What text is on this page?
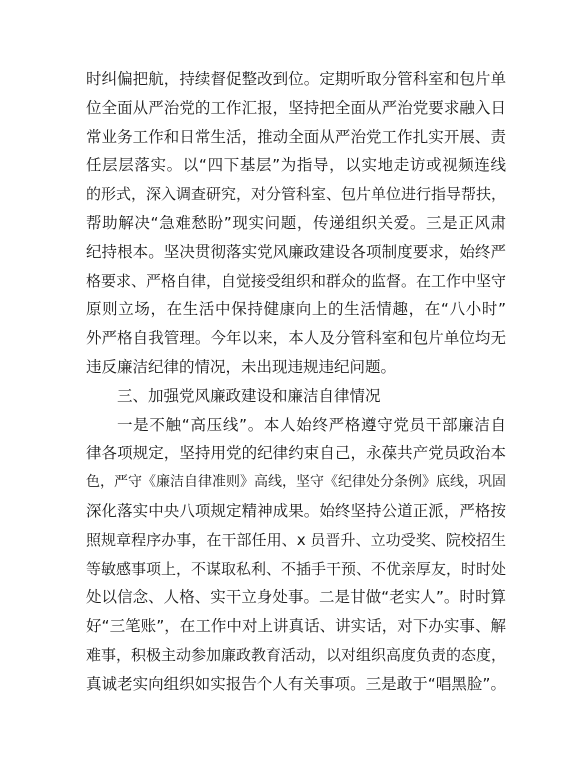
时纠偏把航，持续督促整改到位。定期听取分管科室和包片单
位全面从严治党的工作汇报，坚持把全面从严治党要求融入日
常业务工作和日常生活，推动全面从严治党工作扎实开展、责
任层层落实。以“四下基层”为指导，以实地走访或视频连线
的形式，深入调查研究，对分管科室、包片单位进行指导帮扶，
帮助解决“急难愁盼”现实问题，传递组织关爱。三是正风肃
纪持根本。坚决贯彻落实党风廉政建设各项制度要求，始终严
格要求、严格自律，自觉接受组织和群众的监督。在工作中坚守
原则立场，在生活中保持健康向上的生活情趣，在“八小时”
外严格自我管理。今年以来，本人及分管科室和包片单位均无
违反廉洁纪律的情况，未出现违规违纪问题。
三、加强党风廉政建设和廉洁自律情况
一是不触“高压线”。本人始终严格遵守党员干部廉洁自
律各项规定，坚持用党的纪律约束自己，永葆共产党员政治本
色，严守《廉洁自律准则》高线，坚守《纪律处分条例》底线，巩固
深化落实中央八项规定精神成果。始终坚持公道正派，严格按
照规章程序办事，在干部任用、x 员晋升、立功受奖、院校招生
等敏感事项上，不谋取私利、不插手干预、不优亲厚友，时时处
处以信念、人格、实干立身处事。二是甘做“老实人”。时时算
好“三笔账”，在工作中对上讲真话、讲实话，对下办实事、解
难事，积极主动参加廉政教育活动，以对组织高度负责的态度，
真诚老实向组织如实报告个人有关事项。三是敢于“唱黑脸”。
